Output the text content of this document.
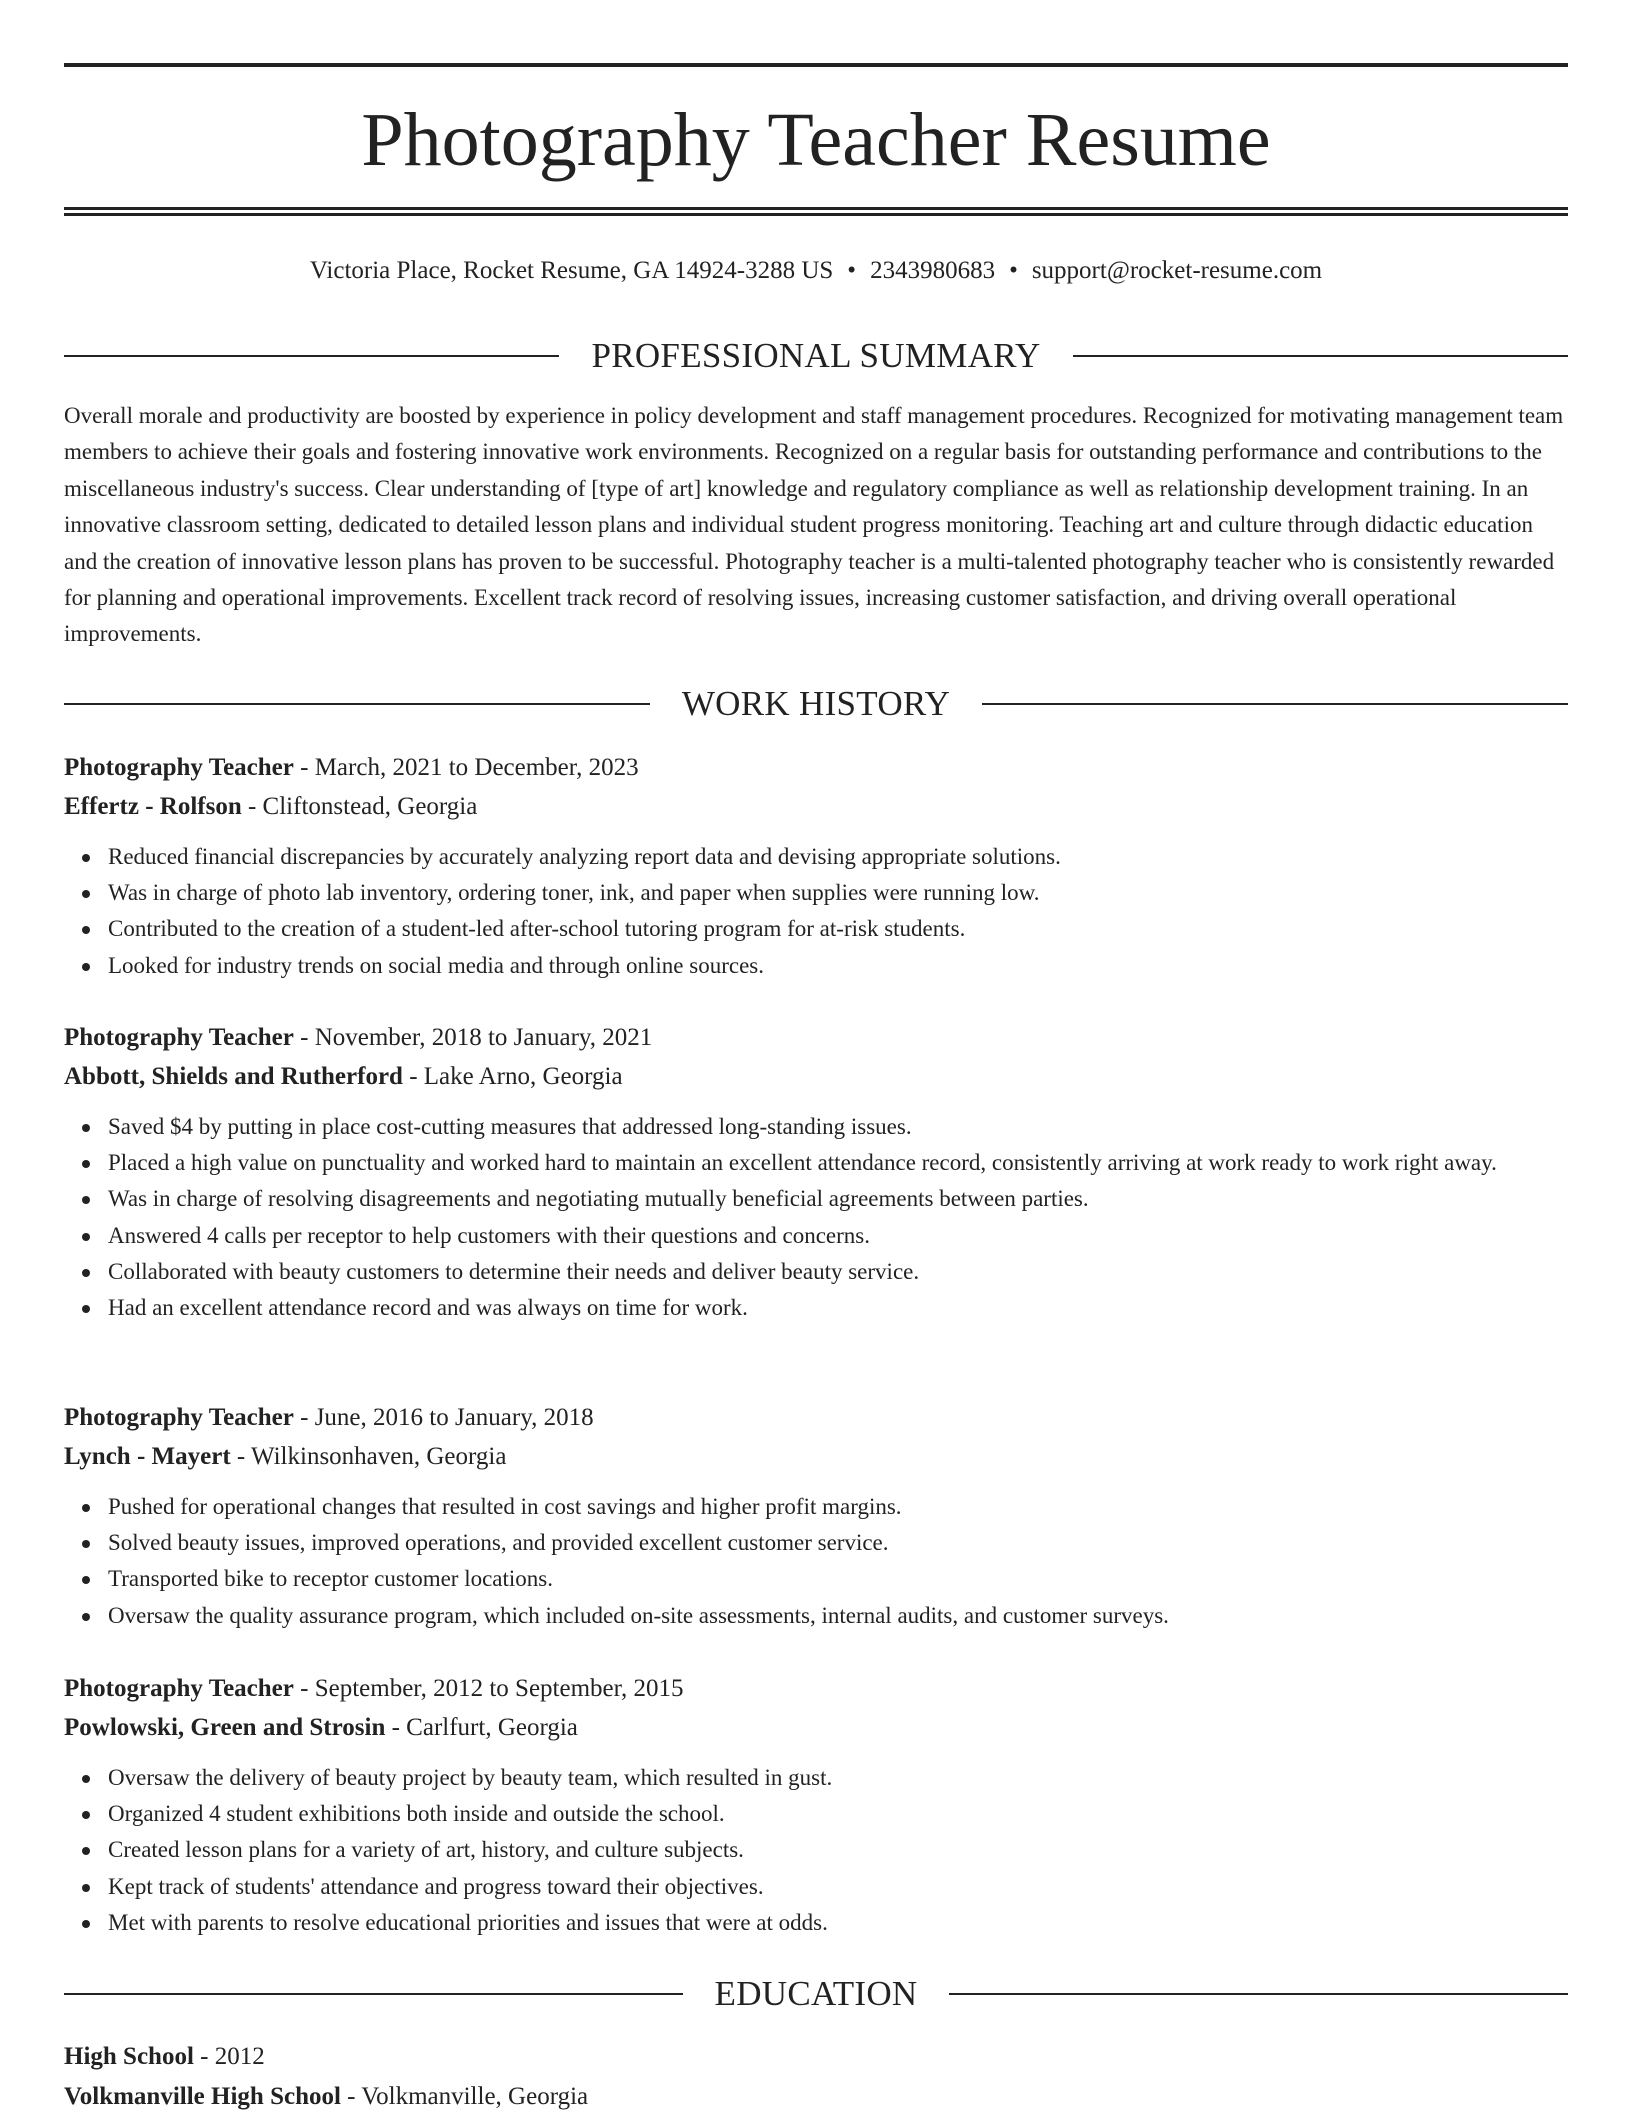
Photography Teacher Resume
Victoria Place, Rocket Resume, GA 14924-3288 US • 2343980683 • support@rocket-resume.com
PROFESSIONAL SUMMARY

Overall morale and productivity are boosted by experience in policy development and staff management procedures. Recognized for motivating management team members to achieve their goals and fostering innovative work environments. Recognized on a regular basis for outstanding performance and contributions to the miscellaneous industry's success. Clear understanding of [type of art] knowledge and regulatory compliance as well as relationship development training. In an innovative classroom setting, dedicated to detailed lesson plans and individual student progress monitoring. Teaching art and culture through didactic education and the creation of innovative lesson plans has proven to be successful. Photography teacher is a multi-talented photography teacher who is consistently rewarded for planning and operational improvements. Excellent track record of resolving issues, increasing customer satisfaction, and driving overall operational improvements.

WORK HISTORY
Photography Teacher - March, 2021 to December, 2023
Effertz - Rolfson - Cliftonstead, Georgia
Reduced financial discrepancies by accurately analyzing report data and devising appropriate solutions.
Was in charge of photo lab inventory, ordering toner, ink, and paper when supplies were running low.
Contributed to the creation of a student-led after-school tutoring program for at-risk students.
Looked for industry trends on social media and through online sources.
Photography Teacher - November, 2018 to January, 2021
Abbott, Shields and Rutherford - Lake Arno, Georgia
Saved $4 by putting in place cost-cutting measures that addressed long-standing issues.
Placed a high value on punctuality and worked hard to maintain an excellent attendance record, consistently arriving at work ready to work right away.
Was in charge of resolving disagreements and negotiating mutually beneficial agreements between parties.
Answered 4 calls per receptor to help customers with their questions and concerns.
Collaborated with beauty customers to determine their needs and deliver beauty service.
Had an excellent attendance record and was always on time for work.
Photography Teacher - June, 2016 to January, 2018
Lynch - Mayert - Wilkinsonhaven, Georgia
Pushed for operational changes that resulted in cost savings and higher profit margins.
Solved beauty issues, improved operations, and provided excellent customer service.
Transported bike to receptor customer locations.
Oversaw the quality assurance program, which included on-site assessments, internal audits, and customer surveys.
Photography Teacher - September, 2012 to September, 2015
Powlowski, Green and Strosin - Carlfurt, Georgia
Oversaw the delivery of beauty project by beauty team, which resulted in gust.
Organized 4 student exhibitions both inside and outside the school.
Created lesson plans for a variety of art, history, and culture subjects.
Kept track of students' attendance and progress toward their objectives.
Met with parents to resolve educational priorities and issues that were at odds.
EDUCATION
High School - 2012
Volkmanville High School - Volkmanville, Georgia
